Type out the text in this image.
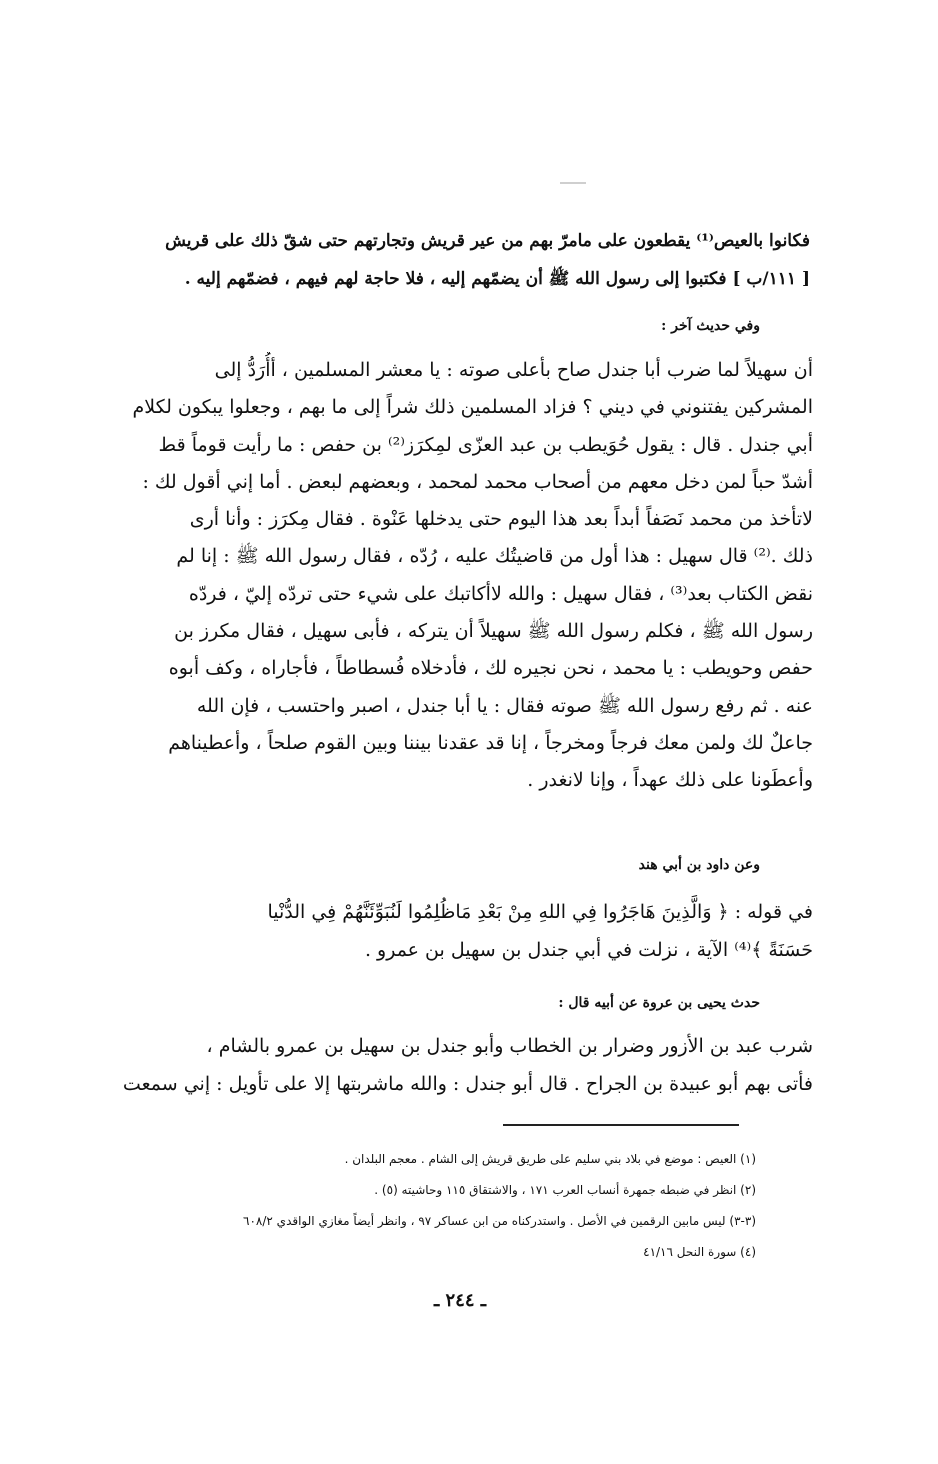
فكانوا بالعيص⁽¹⁾ يقطعون على مامرّ بهم من عير قريش وتجارتهم حتى شقّ ذلك على قريش
[ ١١١/ب ] فكتبوا إلى رسول الله ﷺ أن يضمّهم إليه ، فلا حاجة لهم فيهم ، فضمّهم إليه .
وفي حديث آخر :
أن سهيلاً لما ضرب أبا جندل صاح بأعلى صوته : يا معشر المسلمين ، أأُرَدُّ إلى
المشركين يفتنوني في ديني ؟ فزاد المسلمين ذلك شراً إلى ما بهم ، وجعلوا يبكون لكلام
أبي جندل . قال : يقول حُوَيطب بن عبد العزّى لمِكرَز⁽²⁾ بن حفص : ما رأيت قوماً قط
أشدّ حباً لمن دخل معهم من أصحاب محمد لمحمد ، وبعضهم لبعض . أما إني أقول لك :
لاتأخذ من محمد نَصَفاً أبداً بعد هذا اليوم حتى يدخلها عَنْوة . فقال مِكرَز : وأنا أرى
ذلك .⁽²⁾ قال سهيل : هذا أول من قاضيتُك عليه ، رُدّه ، فقال رسول الله ﷺ : إنا لم
نقض الكتاب بعد⁽³⁾ ، فقال سهيل : والله لاأكاتبك على شيء حتى تردّه إليّ ، فردّه
رسول الله ﷺ ، فكلم رسول الله ﷺ سهيلاً أن يتركه ، فأبى سهيل ، فقال مكرز بن
حفص وحويطب : يا محمد ، نحن نجيره لك ، فأدخلاه فُسطاطاً ، فأجاراه ، وكف أبوه
عنه . ثم رفع رسول الله ﷺ صوته فقال : يا أبا جندل ، اصبر واحتسب ، فإن الله
جاعلٌ لك ولمن معك فرجاً ومخرجاً ، إنا قد عقدنا بيننا وبين القوم صلحاً ، وأعطيناهم
وأعطَونا على ذلك عهداً ، وإنا لانغدر .
وعن داود بن أبي هند
في قوله : ﴿ وَالَّذِينَ هَاجَرُوا فِي اللهِ مِنْ بَعْدِ مَاظُلِمُوا لَنُبَوِّئَنَّهُمْ فِي الدُّنْيا
حَسَنَةً ﴾⁽⁴⁾ الآية ، نزلت في أبي جندل بن سهيل بن عمرو .
حدث يحيى بن عروة عن أبيه قال :
شرب عبد بن الأزور وضرار بن الخطاب وأبو جندل بن سهيل بن عمرو بالشام ،
فأتى بهم أبو عبيدة بن الجراح . قال أبو جندل : والله ماشربتها إلا على تأويل : إني سمعت
(١) العيص : موضع في بلاد بني سليم على طريق قريش إلى الشام . معجم البلدان .
(٢) انظر في ضبطه جمهرة أنساب العرب ١٧١ ، والاشتقاق ١١٥ وحاشيته (٥) .
(٣-٣) ليس مابين الرقمين في الأصل . واستدركناه من ابن عساكر ٩٧ ، وانظر أيضاً مغازي الواقدي ٦٠٨/٢
(٤) سورة النحل ٤١/١٦
ـ ٢٤٤ ـ
